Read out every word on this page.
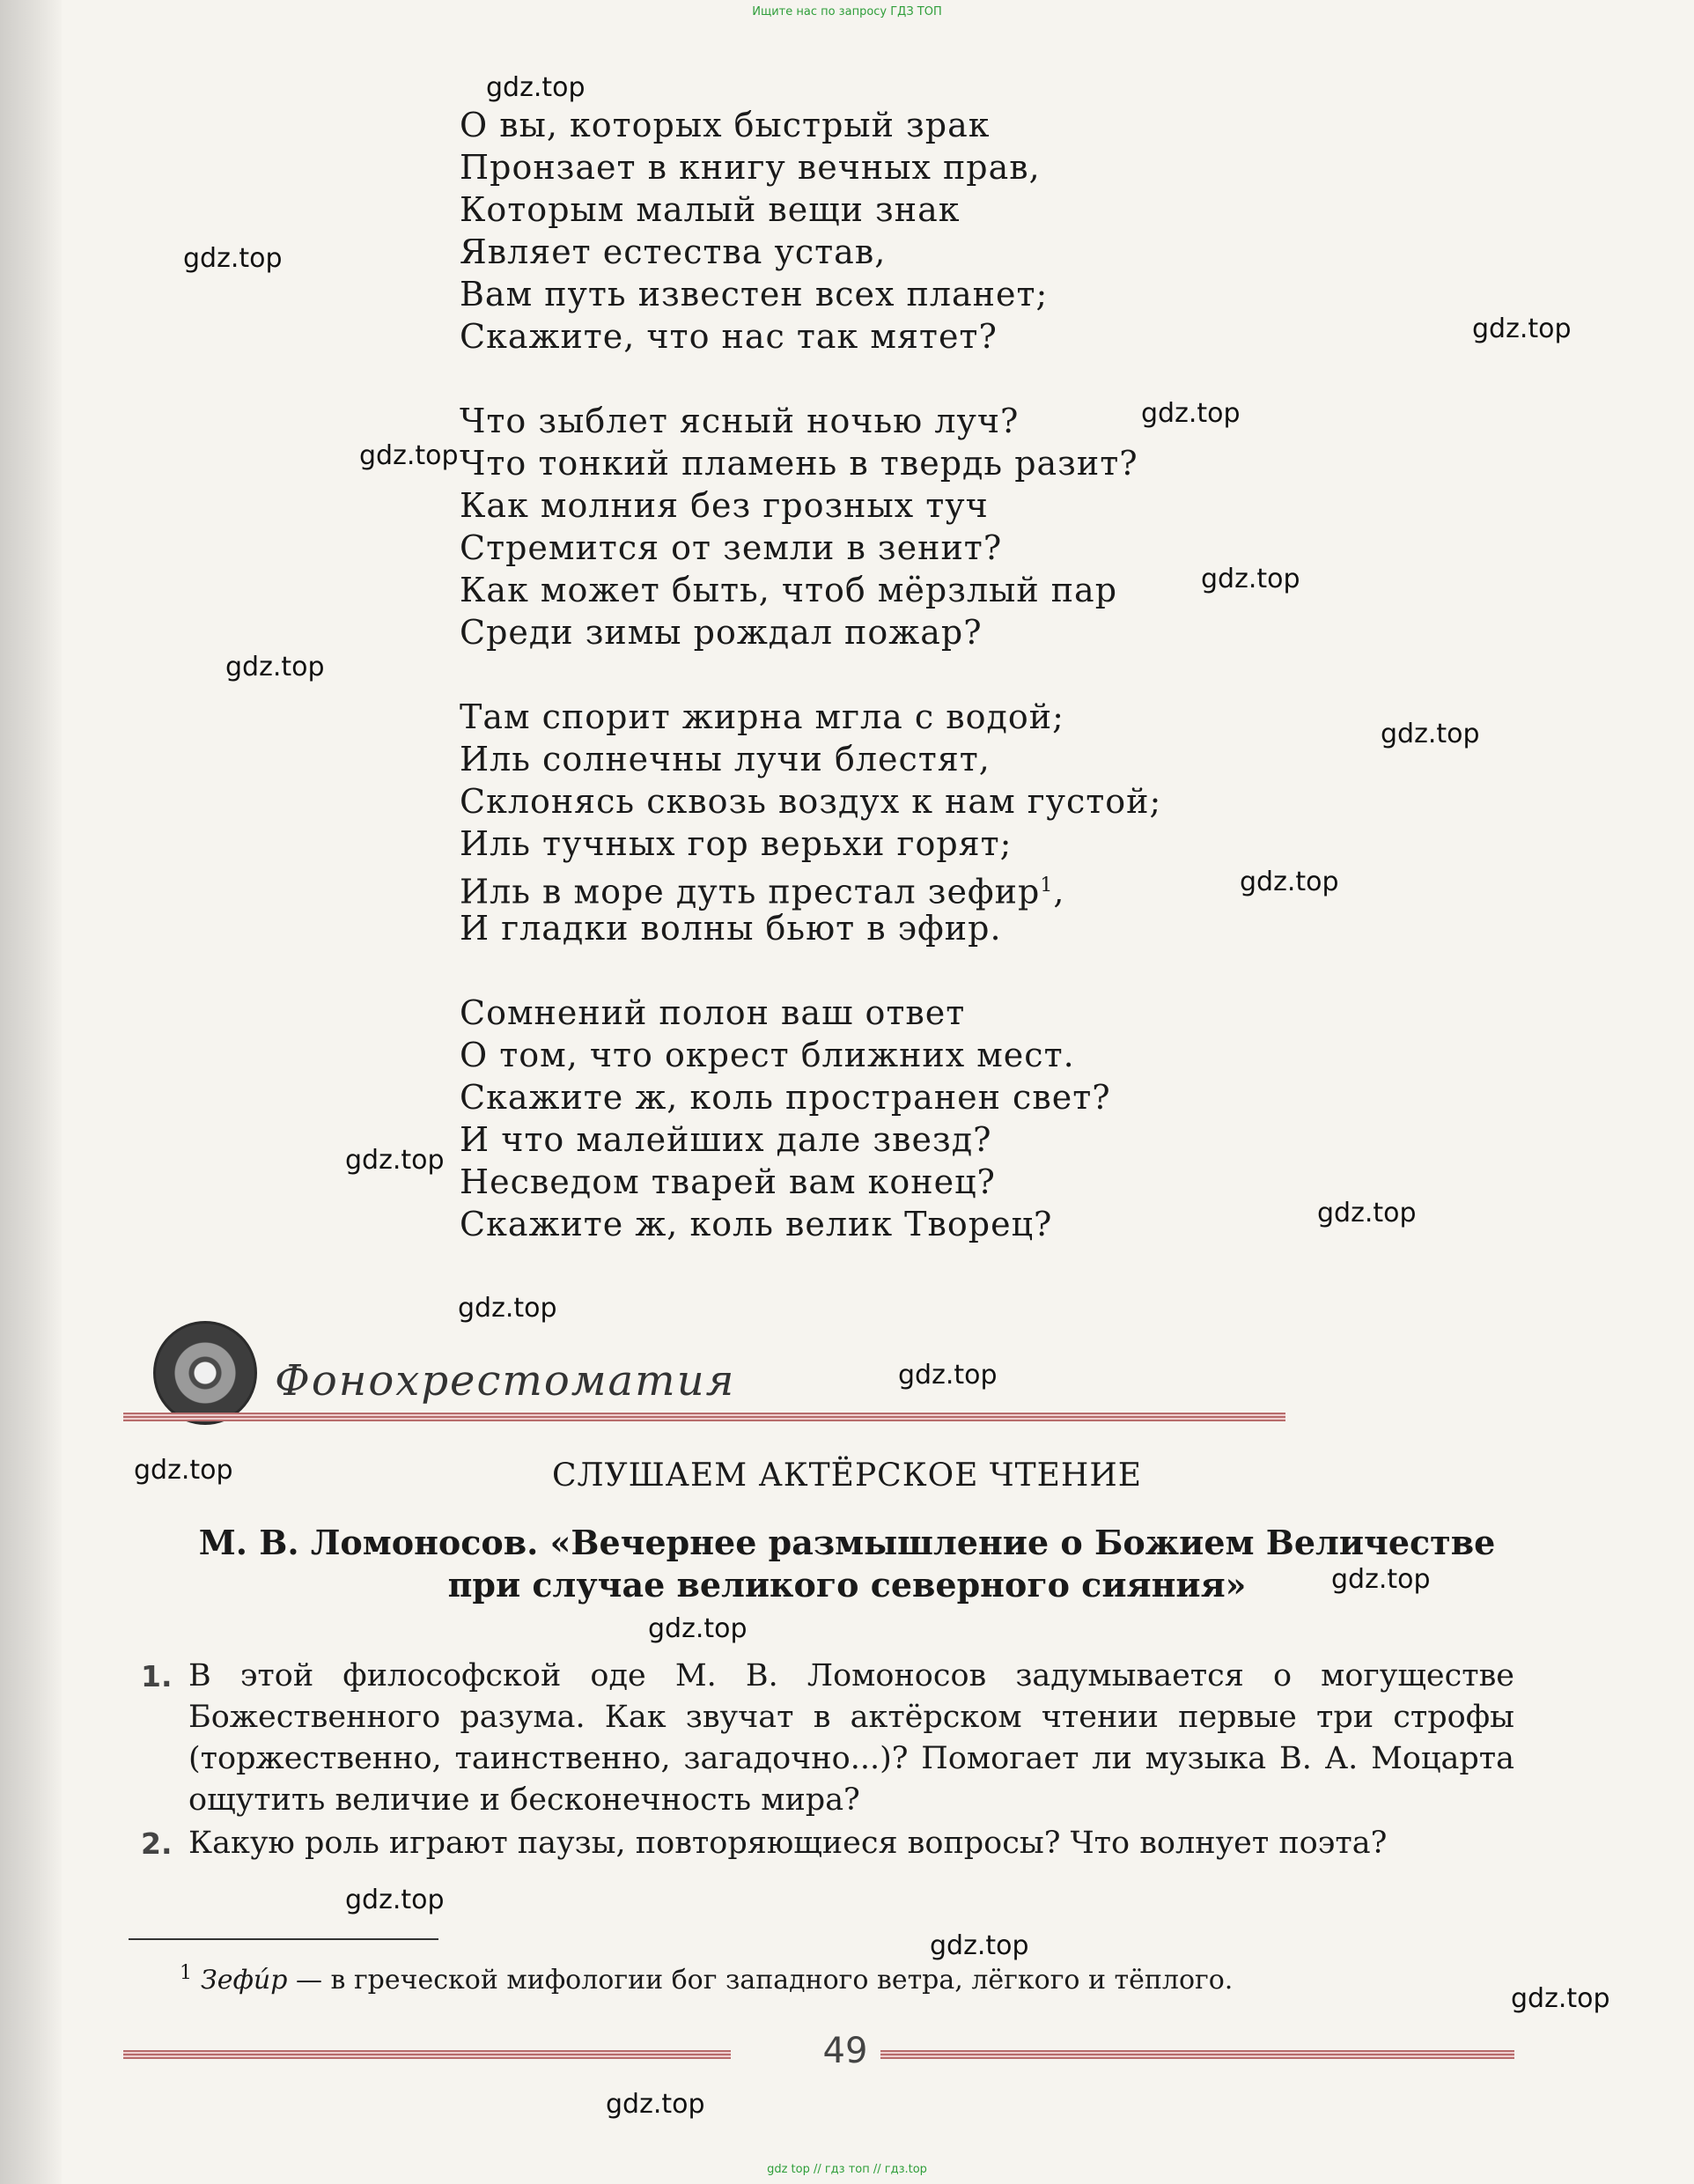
Ищите нас по запросу ГДЗ ТОП
О вы, которых быстрый зрак
Пронзает в книгу вечных прав,
Которым малый вещи знак
Являет естества устав,
Вам путь известен всех планет;
Скажите, что нас так мятет?
Что зыблет ясный ночью луч?
Что тонкий пламень в твердь разит?
Как молния без грозных туч
Стремится от земли в зенит?
Как может быть, чтоб мёрзлый пар
Среди зимы рождал пожар?
Там спорит жирна мгла с водой;
Иль солнечны лучи блестят,
Склонясь сквозь воздух к нам густой;
Иль тучных гор верьхи горят;
Иль в море дуть престал зефир$^1$,
И гладки волны бьют в эфир.
Сомнений полон ваш ответ
О том, что окрест ближних мест.
Скажите ж, коль пространен свет?
И что малейших дале звезд?
Несведом тварей вам конец?
Скажите ж, коль велик Творец?
Фонохрестоматия
СЛУШАЕМ АКТЁРСКОЕ ЧТЕНИЕ
М. В. Ломоносов. «Вечернее размышление о Божием Величестве
при случае великого северного сияния»
1. В этой философской оде М. В. Ломоносов задумывается о могуществе Божественного разума. Как звучат в актёрском чтении первые три строфы (торжественно, таинственно, загадочно...)? Помогает ли музыка В. А. Моцарта ощутить величие и бесконечность мира?
2. Какую роль играют паузы, повторяющиеся вопросы? Что волнует поэта?
$^1$ Зефи́р — в греческой мифологии бог западного ветра, лёгкого и тёплого.
49
gdz.top
gdz.top
gdz.top
gdz.top
gdz.top
gdz.top
gdz.top
gdz.top
gdz.top
gdz.top
gdz.top
gdz.top
gdz.top
gdz.top
gdz.top
gdz.top
gdz.top
gdz.top
gdz.top
gdz.top
gdz top // гдз топ // гдз.top
